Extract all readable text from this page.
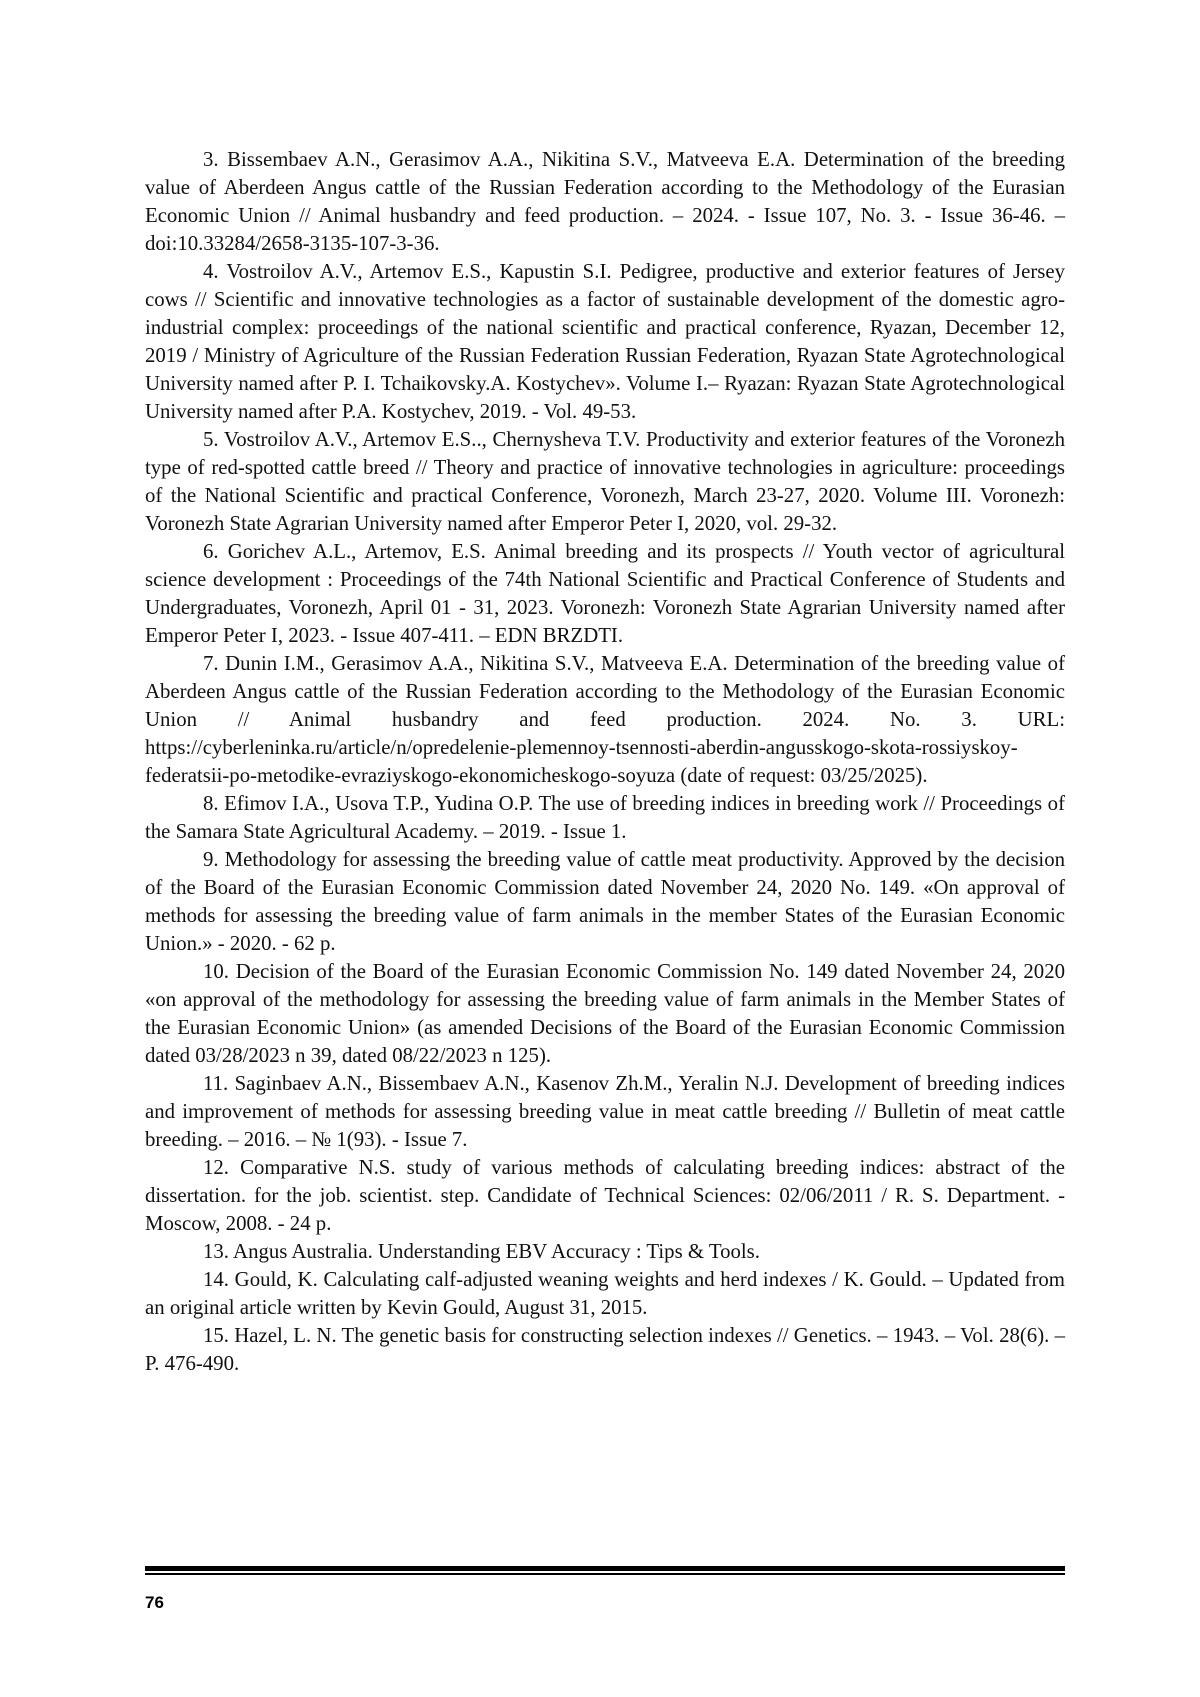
3. Bissembaev A.N., Gerasimov A.A., Nikitina S.V., Matveeva E.A. Determination of the breeding value of Aberdeen Angus cattle of the Russian Federation according to the Methodology of the Eurasian Economic Union // Animal husbandry and feed production. – 2024. - Issue 107, No. 3. - Issue 36-46. – doi:10.33284/2658-3135-107-3-36.

4. Vostroilov A.V., Artemov E.S., Kapustin S.I. Pedigree, productive and exterior features of Jersey cows // Scientific and innovative technologies as a factor of sustainable development of the domestic agro-industrial complex: proceedings of the national scientific and practical conference, Ryazan, December 12, 2019 / Ministry of Agriculture of the Russian Federation Russian Federation, Ryazan State Agrotechnological University named after P. I. Tchaikovsky.A. Kostychev». Volume I.– Ryazan: Ryazan State Agrotechnological University named after P.A. Kostychev, 2019. - Vol. 49-53.

5. Vostroilov A.V., Artemov E.S.., Chernysheva T.V. Productivity and exterior features of the Voronezh type of red-spotted cattle breed // Theory and practice of innovative technologies in agriculture: proceedings of the National Scientific and practical Conference, Voronezh, March 23-27, 2020. Volume III. Voronezh: Voronezh State Agrarian University named after Emperor Peter I, 2020, vol. 29-32.

6. Gorichev A.L., Artemov, E.S. Animal breeding and its prospects // Youth vector of agricultural science development : Proceedings of the 74th National Scientific and Practical Conference of Students and Undergraduates, Voronezh, April 01 - 31, 2023. Voronezh: Voronezh State Agrarian University named after Emperor Peter I, 2023. - Issue 407-411. – EDN BRZDTI.

7. Dunin I.M., Gerasimov A.A., Nikitina S.V., Matveeva E.A. Determination of the breeding value of Aberdeen Angus cattle of the Russian Federation according to the Methodology of the Eurasian Economic Union // Animal husbandry and feed production. 2024. No. 3. URL: https://cyberleninka.ru/article/n/opredelenie-plemennoy-tsennosti-aberdin-angusskogo-skota-rossiyskoy-federatsii-po-metodike-evraziyskogo-ekonomicheskogo-soyuza (date of request: 03/25/2025).

8. Efimov I.A., Usova T.P., Yudina O.P. The use of breeding indices in breeding work // Proceedings of the Samara State Agricultural Academy. – 2019. - Issue 1.

9. Methodology for assessing the breeding value of cattle meat productivity. Approved by the decision of the Board of the Eurasian Economic Commission dated November 24, 2020 No. 149. «On approval of methods for assessing the breeding value of farm animals in the member States of the Eurasian Economic Union.» - 2020. - 62 p.

10. Decision of the Board of the Eurasian Economic Commission No. 149 dated November 24, 2020 «on approval of the methodology for assessing the breeding value of farm animals in the Member States of the Eurasian Economic Union» (as amended Decisions of the Board of the Eurasian Economic Commission dated 03/28/2023 n 39, dated 08/22/2023 n 125).

11. Saginbaev A.N., Bissembaev A.N., Kasenov Zh.M., Yeralin N.J. Development of breeding indices and improvement of methods for assessing breeding value in meat cattle breeding // Bulletin of meat cattle breeding. – 2016. – № 1(93). - Issue 7.

12. Comparative N.S. study of various methods of calculating breeding indices: abstract of the dissertation. for the job. scientist. step. Candidate of Technical Sciences: 02/06/2011 / R. S. Department. - Moscow, 2008. - 24 p.

13. Angus Australia. Understanding EBV Accuracy : Tips & Tools.

14. Gould, K. Calculating calf-adjusted weaning weights and herd indexes / K. Gould. – Updated from an original article written by Kevin Gould, August 31, 2015.

15. Hazel, L. N. The genetic basis for constructing selection indexes // Genetics. – 1943. – Vol. 28(6). – P. 476-490.

76
